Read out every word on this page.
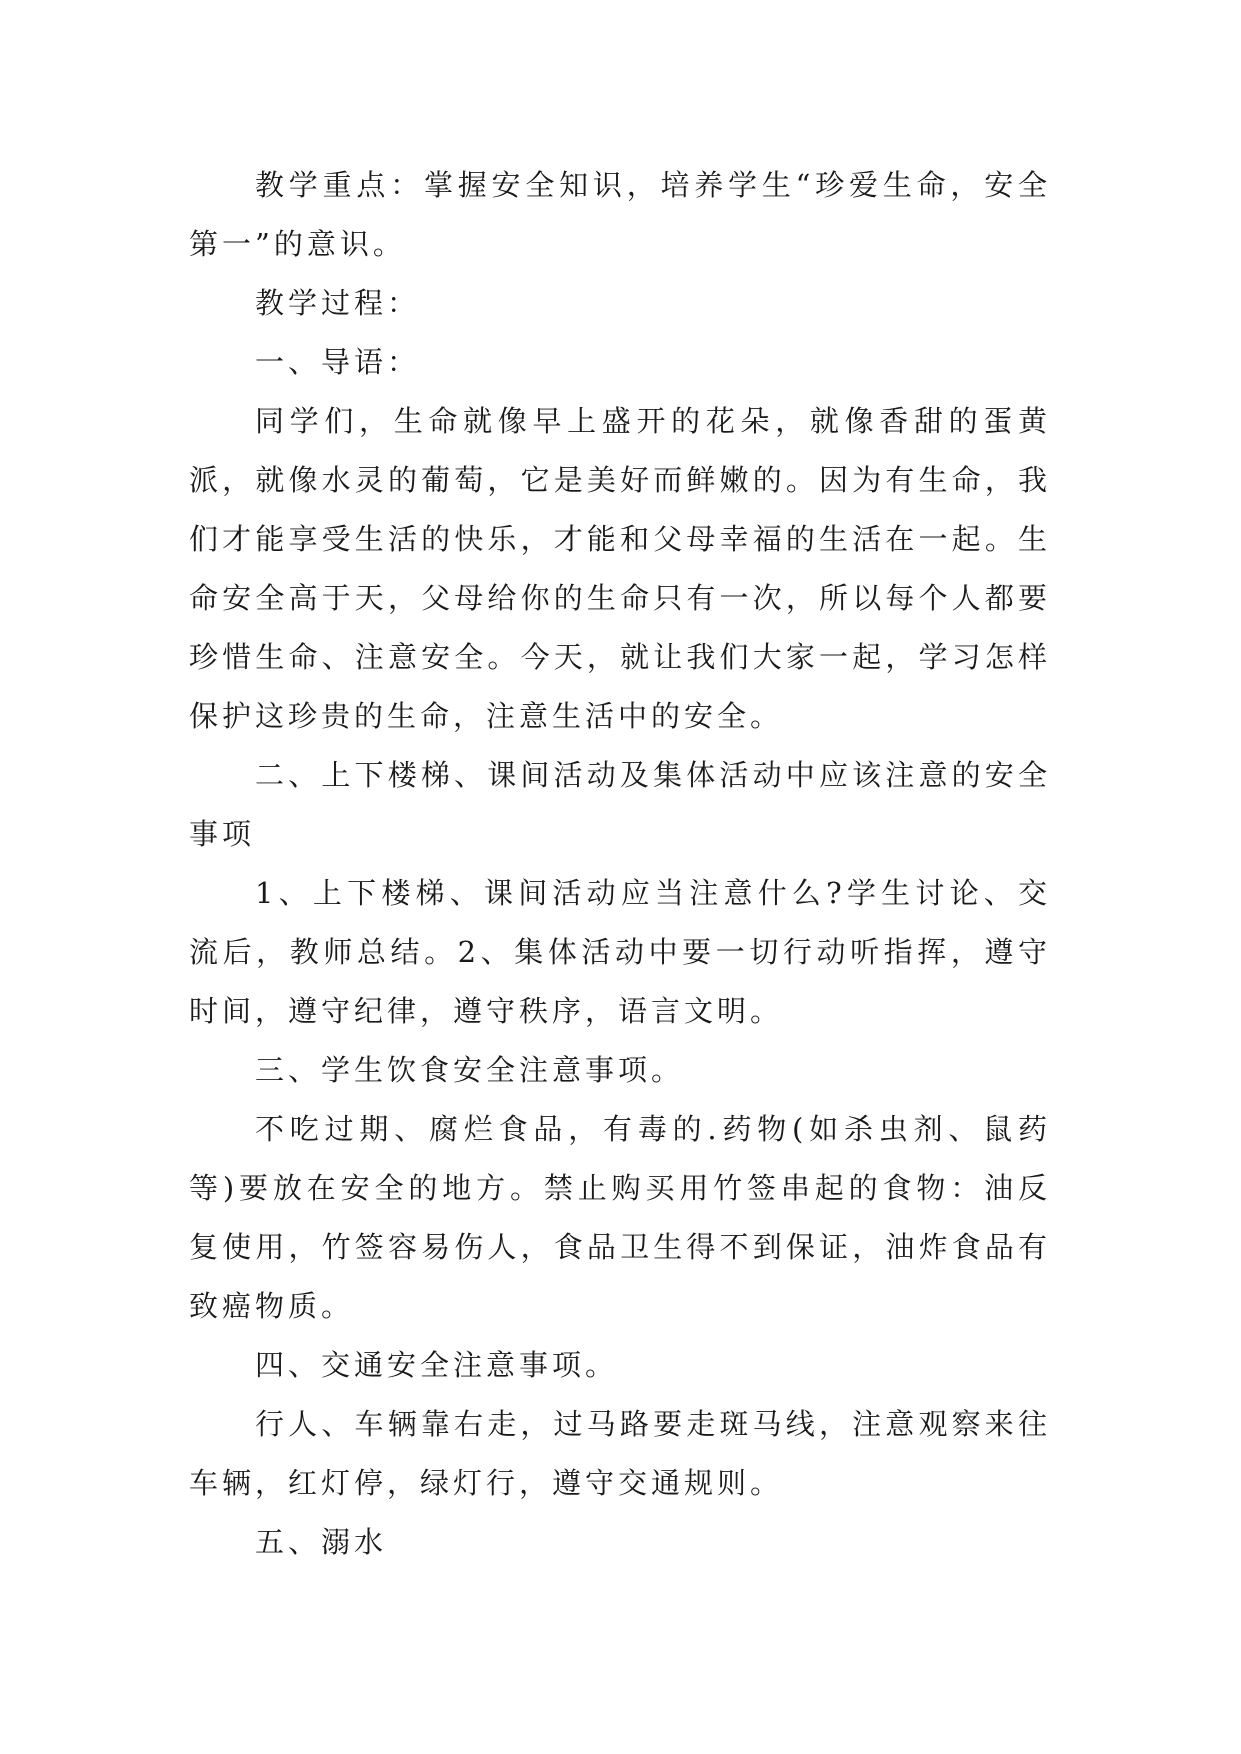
教学重点：掌握安全知识，培养学生“珍爱生命，安全第一”的意识。

教学过程：

一、导语：

同学们，生命就像早上盛开的花朵，就像香甜的蛋黄派，就像水灵的葡萄，它是美好而鲜嫩的。因为有生命，我们才能享受生活的快乐，才能和父母幸福的生活在一起。生命安全高于天，父母给你的生命只有一次，所以每个人都要珍惜生命、注意安全。今天，就让我们大家一起，学习怎样保护这珍贵的生命，注意生活中的安全。

二、上下楼梯、课间活动及集体活动中应该注意的安全事项

1、上下楼梯、课间活动应当注意什么?学生讨论、交流后，教师总结。2、集体活动中要一切行动听指挥，遵守时间，遵守纪律，遵守秩序，语言文明。

三、学生饮食安全注意事项。

不吃过期、腐烂食品，有毒的.药物(如杀虫剂、鼠药等)要放在安全的地方。禁止购买用竹签串起的食物：油反复使用，竹签容易伤人，食品卫生得不到保证，油炸食品有致癌物质。

四、交通安全注意事项。

行人、车辆靠右走，过马路要走斑马线，注意观察来往车辆，红灯停，绿灯行，遵守交通规则。

五、溺水
